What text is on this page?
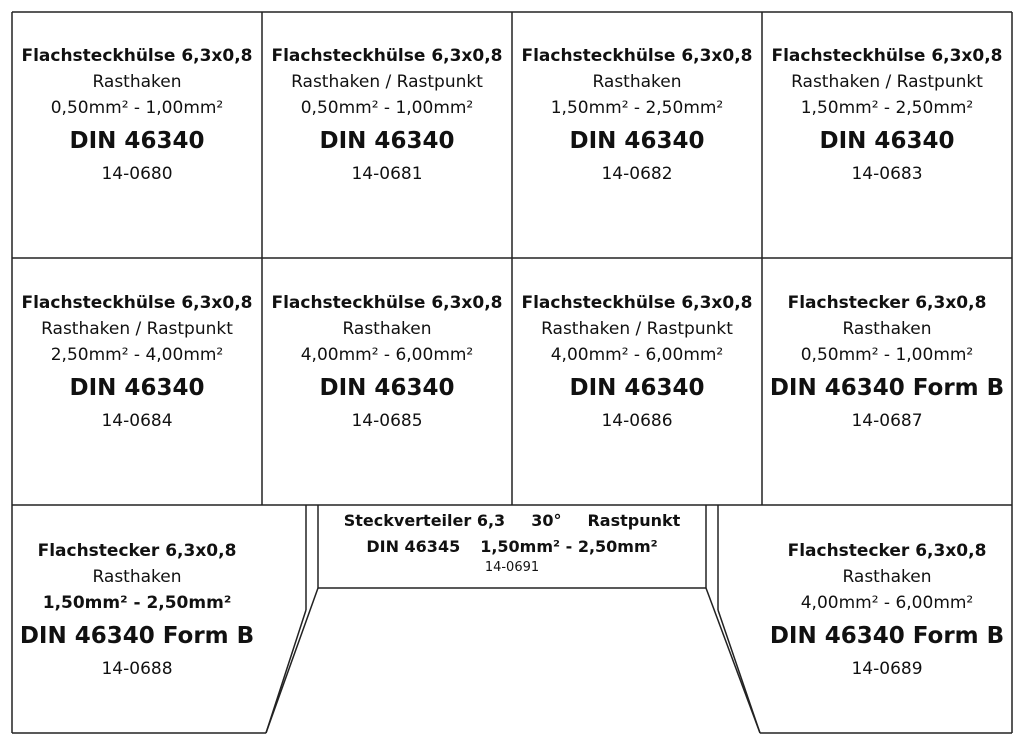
Flachsteckhülse 6,3x0,8
Rasthaken
0,50mm² - 1,00mm²
DIN 46340
14-0680
Flachsteckhülse 6,3x0,8
Rasthaken / Rastpunkt
0,50mm² - 1,00mm²
DIN 46340
14-0681
Flachsteckhülse 6,3x0,8
Rasthaken
1,50mm² - 2,50mm²
DIN 46340
14-0682
Flachsteckhülse 6,3x0,8
Rasthaken / Rastpunkt
1,50mm² - 2,50mm²
DIN 46340
14-0683
Flachsteckhülse 6,3x0,8
Rasthaken / Rastpunkt
2,50mm² - 4,00mm²
DIN 46340
14-0684
Flachsteckhülse 6,3x0,8
Rasthaken
4,00mm² - 6,00mm²
DIN 46340
14-0685
Flachsteckhülse 6,3x0,8
Rasthaken / Rastpunkt
4,00mm² - 6,00mm²
DIN 46340
14-0686
Flachstecker 6,3x0,8
Rasthaken
0,50mm² - 1,00mm²
DIN 46340 Form B
14-0687
Flachstecker 6,3x0,8
Rasthaken
1,50mm² - 2,50mm²
DIN 46340 Form B
14-0688
Flachstecker 6,3x0,8
Rasthaken
4,00mm² - 6,00mm²
DIN 46340 Form B
14-0689
Steckverteiler 6,3 30° Rastpunkt
DIN 46345 1,50mm² - 2,50mm²
14-0691
